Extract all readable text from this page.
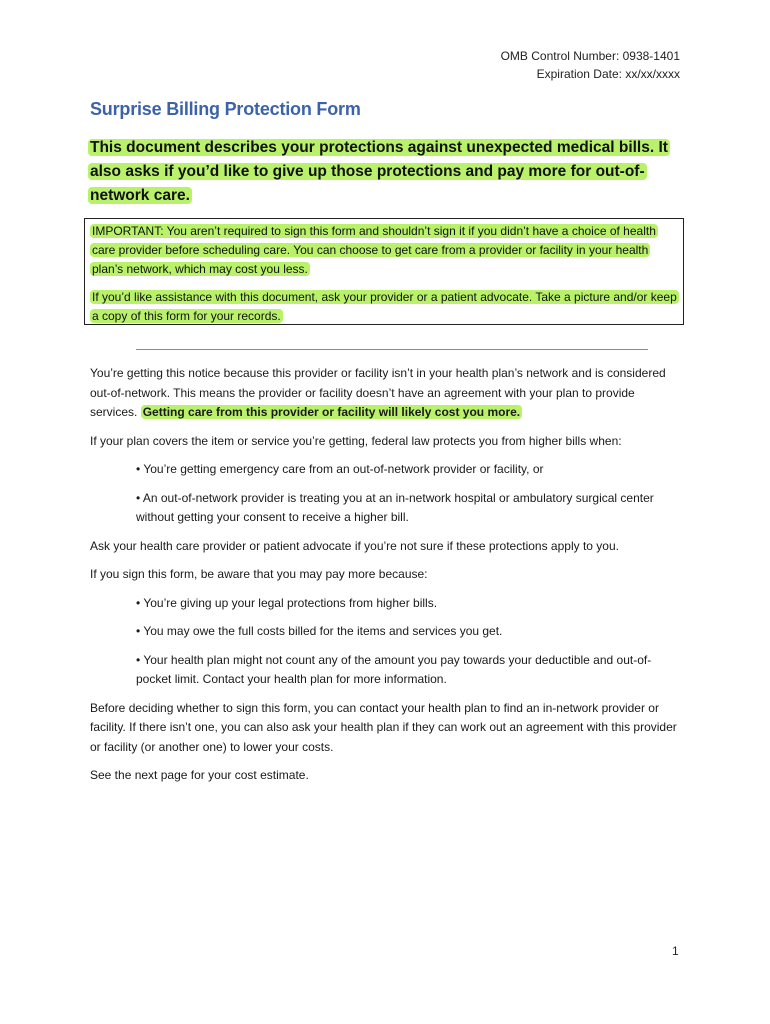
OMB Control Number: 0938-1401
Expiration Date: xx/xx/xxxx
Surprise Billing Protection Form
This document describes your protections against unexpected medical bills. It also asks if you’d like to give up those protections and pay more for out-of-network care.

IMPORTANT: You aren’t required to sign this form and shouldn’t sign it if you didn’t have a choice of health care provider before scheduling care. You can choose to get care from a provider or facility in your health plan’s network, which may cost you less.

If you’d like assistance with this document, ask your provider or a patient advocate. Take a picture and/or keep a copy of this form for your records.

You’re getting this notice because this provider or facility isn’t in your health plan’s network and is considered out-of-network. This means the provider or facility doesn’t have an agreement with your plan to provide services. Getting care from this provider or facility will likely cost you more.

If your plan covers the item or service you’re getting, federal law protects you from higher bills when:

• You’re getting emergency care from an out-of-network provider or facility, or

• An out-of-network provider is treating you at an in-network hospital or ambulatory surgical center without getting your consent to receive a higher bill.

Ask your health care provider or patient advocate if you’re not sure if these protections apply to you.

If you sign this form, be aware that you may pay more because:

• You’re giving up your legal protections from higher bills.

• You may owe the full costs billed for the items and services you get.

• Your health plan might not count any of the amount you pay towards your deductible and out-of-pocket limit. Contact your health plan for more information.

Before deciding whether to sign this form, you can contact your health plan to find an in-network provider or facility. If there isn’t one, you can also ask your health plan if they can work out an agreement with this provider or facility (or another one) to lower your costs.

See the next page for your cost estimate.

1
